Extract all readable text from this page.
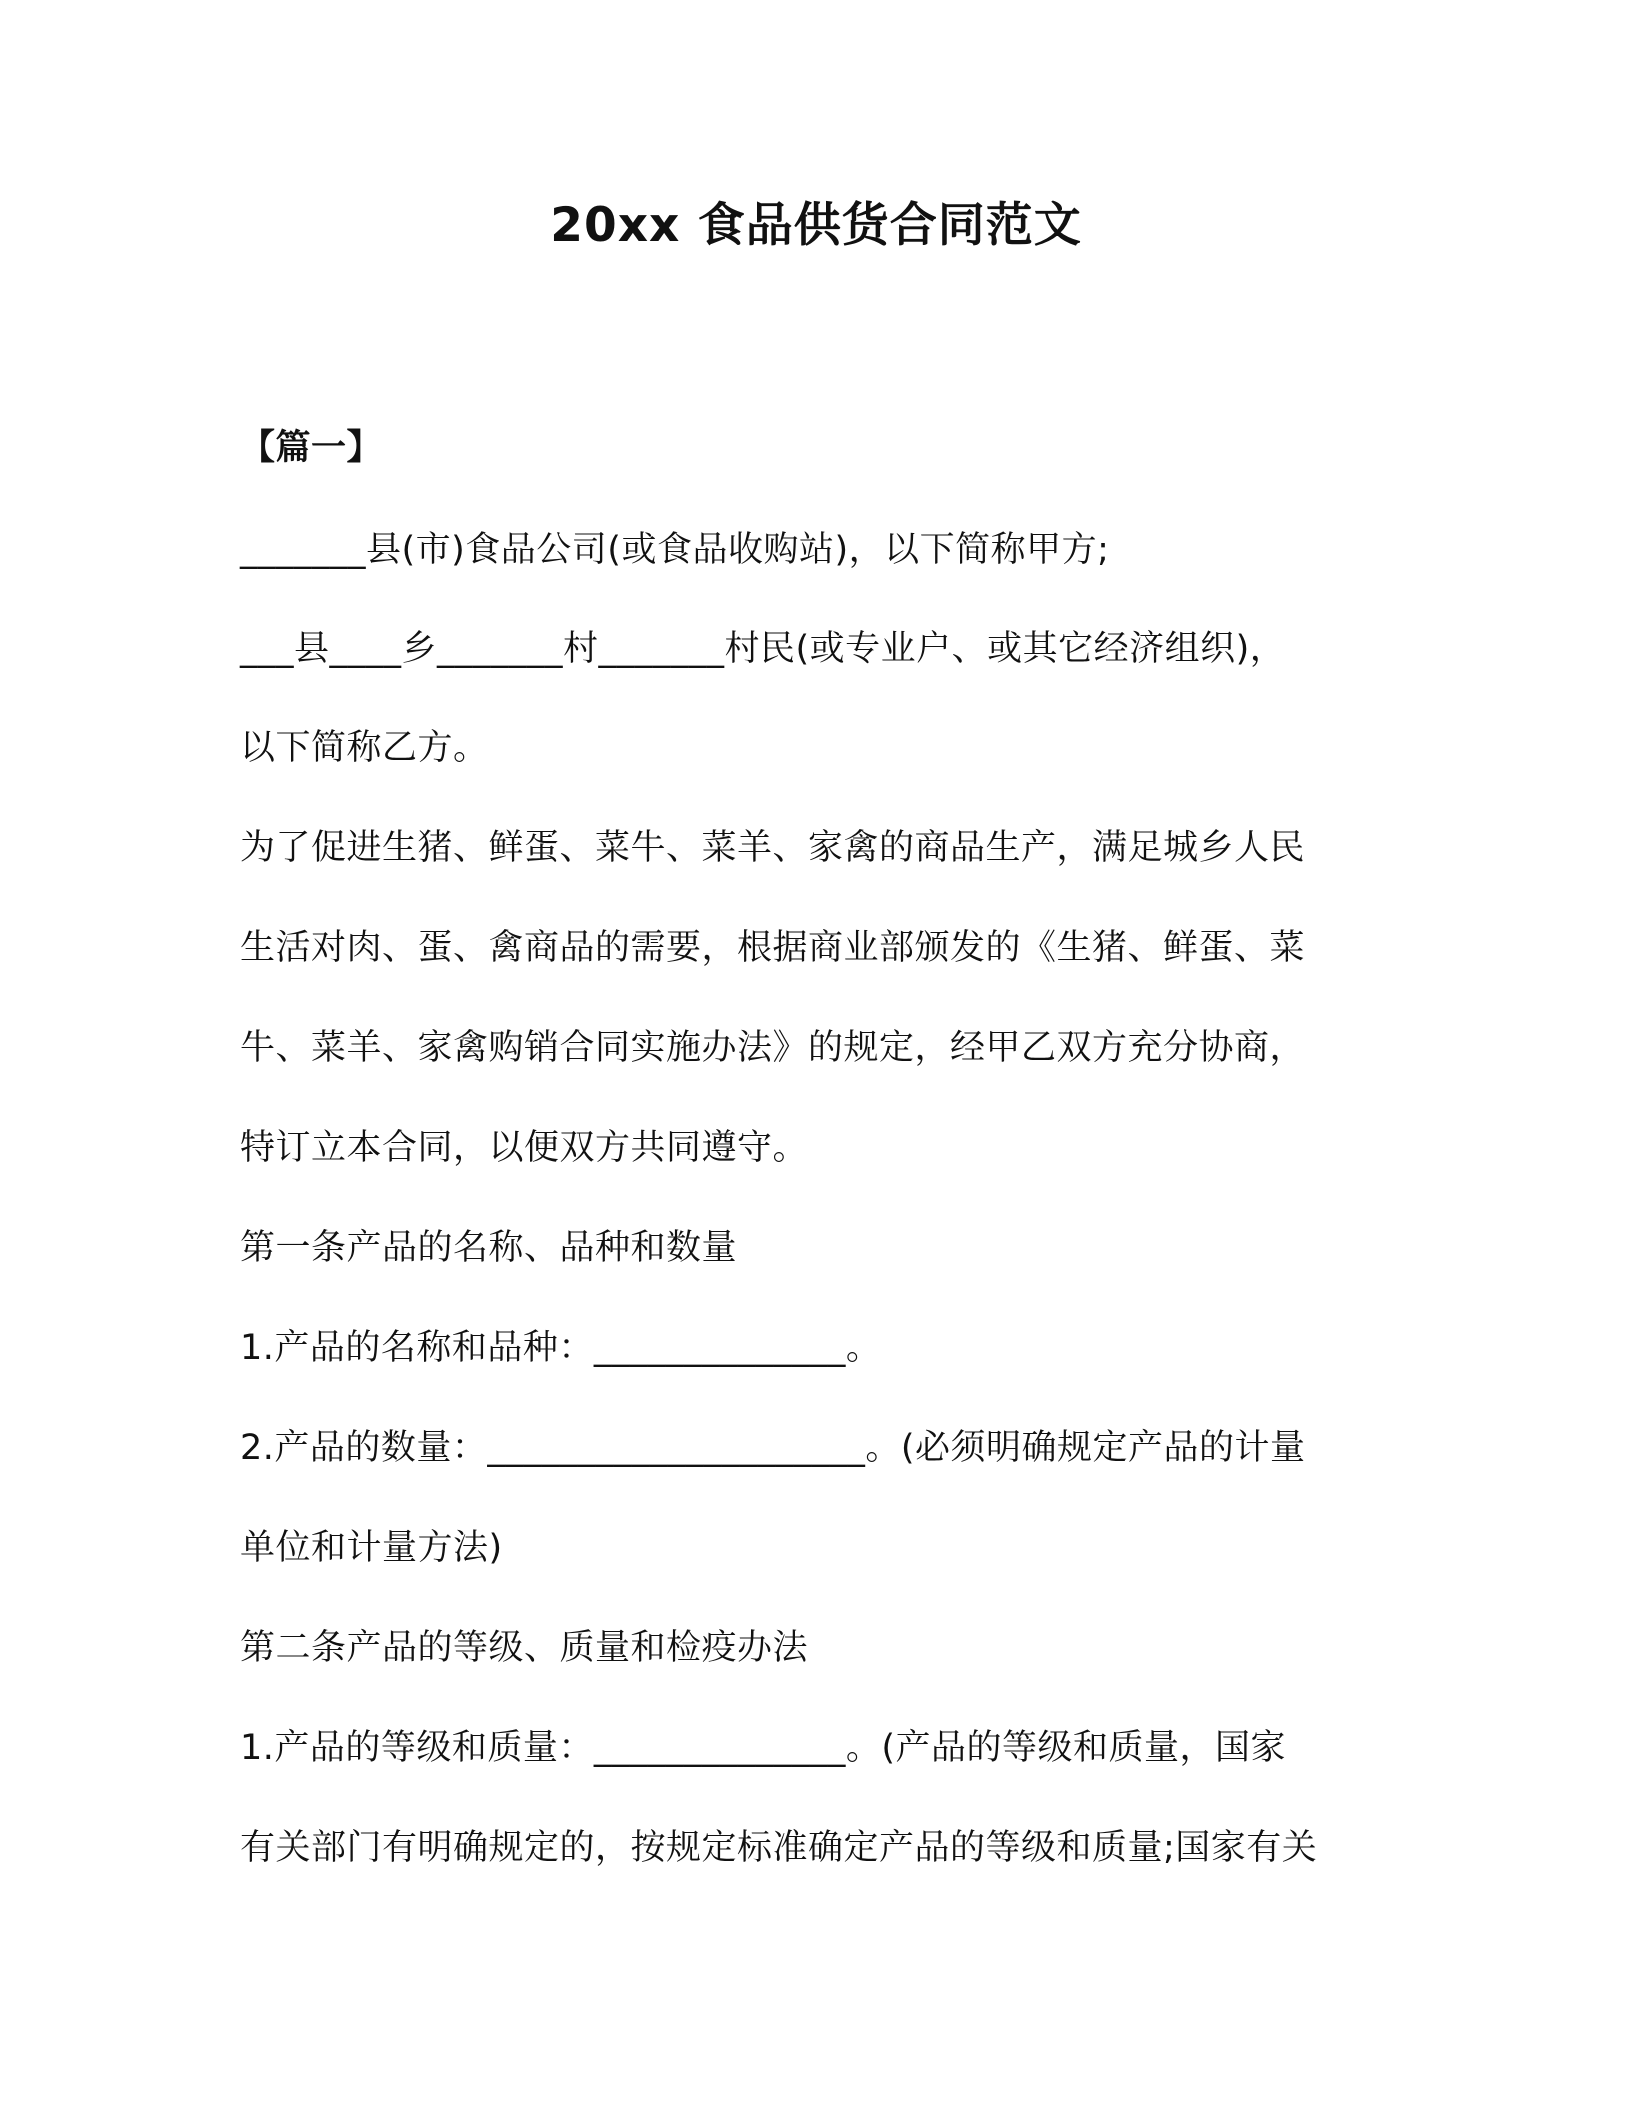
20xx 食品供货合同范文
【篇一】
_______县(市)食品公司(或食品收购站)，以下简称甲方;
___县____乡_______村_______村民(或专业户、或其它经济组织)，
以下简称乙方。
为了促进生猪、鲜蛋、菜牛、菜羊、家禽的商品生产，满足城乡人民
生活对肉、蛋、禽商品的需要，根据商业部颁发的《生猪、鲜蛋、菜
牛、菜羊、家禽购销合同实施办法》的规定，经甲乙双方充分协商，
特订立本合同，以便双方共同遵守。
第一条产品的名称、品种和数量
1.产品的名称和品种：______________。
2.产品的数量：_____________________。(必须明确规定产品的计量
单位和计量方法)
第二条产品的等级、质量和检疫办法
1.产品的等级和质量：______________。(产品的等级和质量，国家
有关部门有明确规定的，按规定标准确定产品的等级和质量;国家有关
